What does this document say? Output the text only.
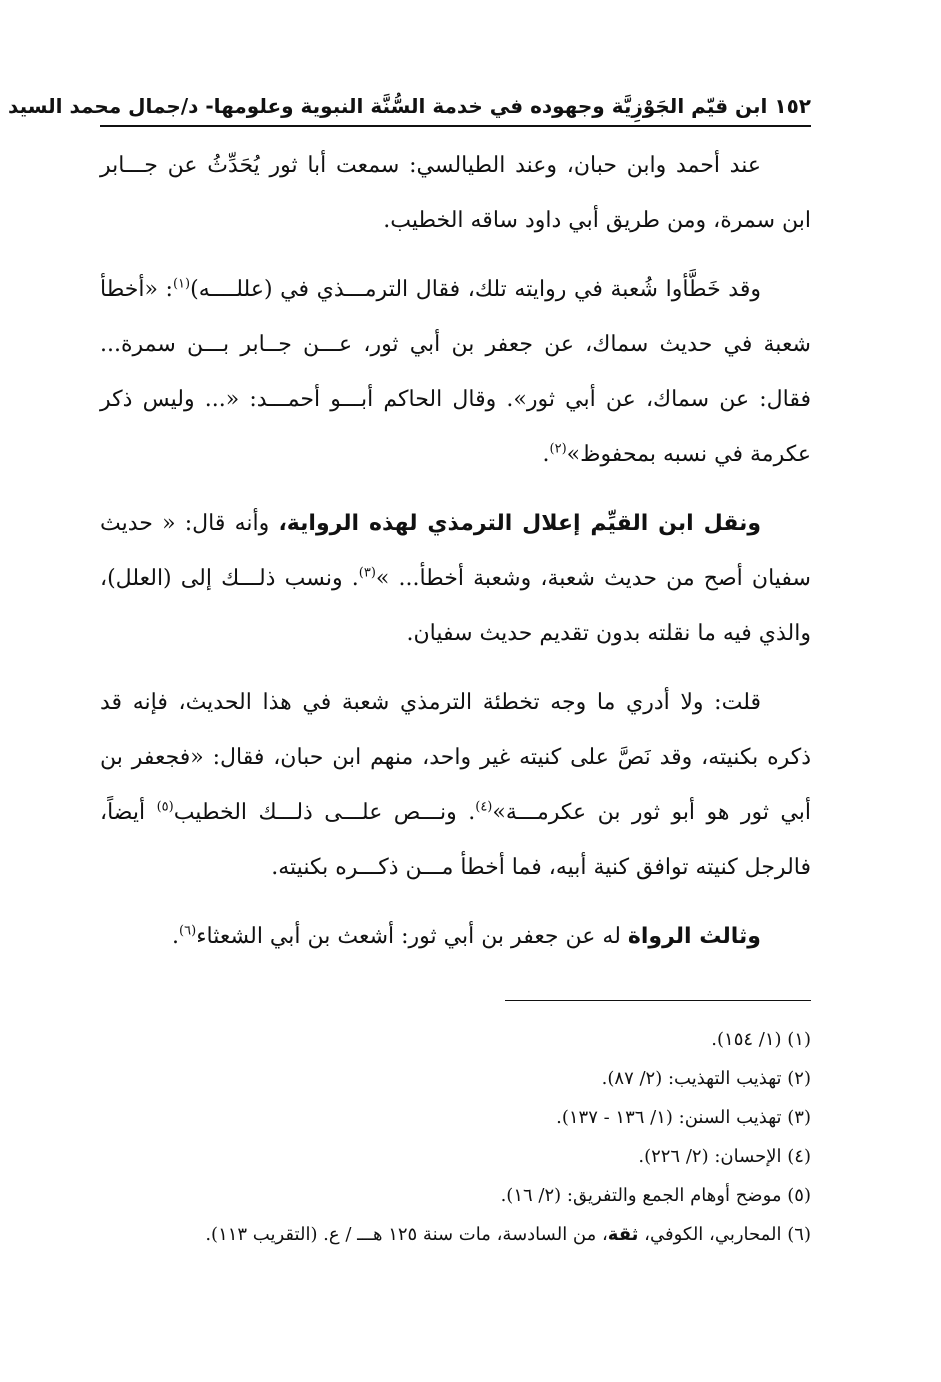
١٥٢ ابن قيّم الجَوْزِيَّة وجهوده في خدمة السُّنَّة النبوية وعلومها- د/جمال محمد السيد

عند أحمد وابن حبان، وعند الطيالسي: سمعت أبا ثور يُحَدِّثُ عن جـــابر ابن سمرة، ومن طريق أبي داود ساقه الخطيب.

وقد خَطَّأوا شُعبة في روايته تلك، فقال الترمـــذي في (عللــــه)$^{(١)}$: «أخطأ شعبة في حديث سماك، عن جعفر بن أبي ثور، عـــن جــابر بـــن سمرة... فقال: عن سماك، عن أبي ثور». وقال الحاكم أبـــو أحمـــد: «... وليس ذكر عكرمة في نسبه بمحفوظ»$^{(٢)}$.

ونقل ابن القيِّم إعلال الترمذي لهذه الرواية، وأنه قال: « حديث سفيان أصح من حديث شعبة، وشعبة أخطأ... »$^{(٣)}$. ونسب ذلـــك إلى (العلل)، والذي فيه ما نقلته بدون تقديم حديث سفيان.

قلت: ولا أدري ما وجه تخطئة الترمذي شعبة في هذا الحديث، فإنه قد ذكره بكنيته، وقد نَصَّ على كنيته غير واحد، منهم ابن حبان، فقال: «فجعفر بن أبي ثور هو أبو ثور بن عكرمـــة»$^{(٤)}$. ونـــص علـــى ذلـــك الخطيب$^{(٥)}$ أيضاً، فالرجل كنيته توافق كنية أبيه، فما أخطأ مـــن ذكـــره بكنيته.

وثالث الرواة له عن جعفر بن أبي ثور: أشعث بن أبي الشعثاء$^{(٦)}$.

(١) (١/ ١٥٤).

(٢) تهذيب التهذيب: (٢/ ٨٧).

(٣) تهذيب السنن: (١/ ١٣٦ - ١٣٧).

(٤) الإحسان: (٢/ ٢٢٦).

(٥) موضح أوهام الجمع والتفريق: (٢/ ١٦).

(٦) المحاربي، الكوفي، ثقة، من السادسة، مات سنة ١٢٥ هـــ / ع. (التقريب ١١٣).
